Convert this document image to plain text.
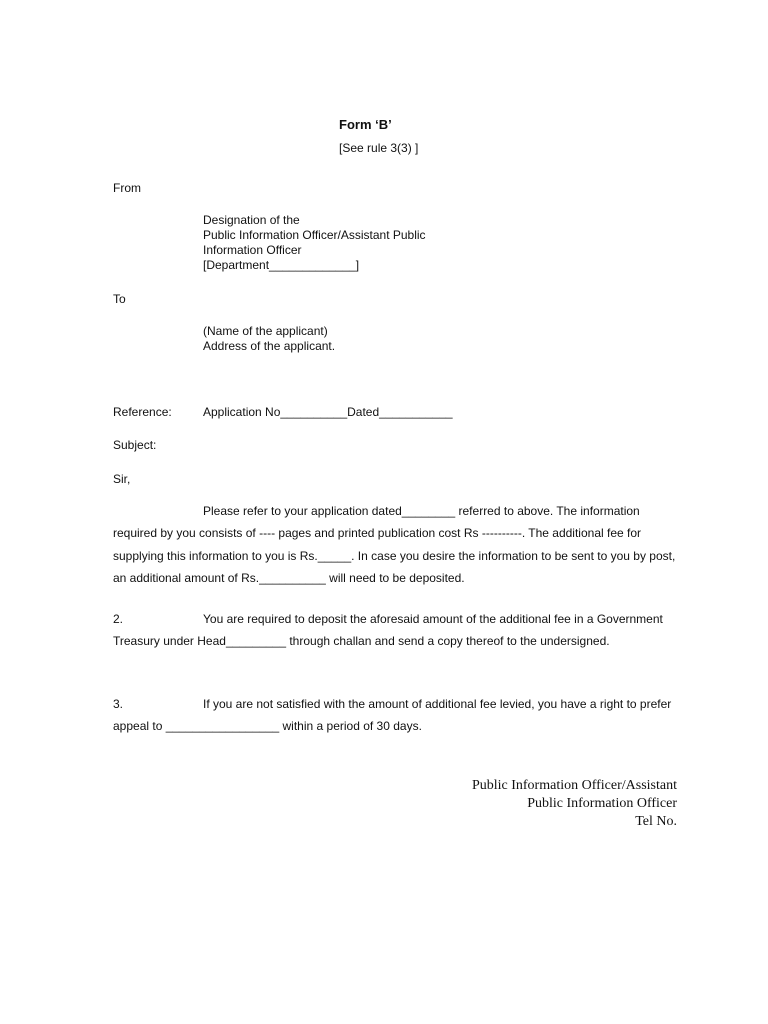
Form ‘B’
[See rule 3(3) ]
From
Designation of the
Public Information Officer/Assistant Public
Information Officer
[Department_____________]
To
(Name of the applicant)
Address of the applicant.
Reference:	Application No__________Dated___________
Subject:
Sir,
Please refer to your application dated________ referred to above. The information required by you consists of ---- pages and printed publication cost Rs ----------. The additional fee for supplying this information to you is Rs._____. In case you desire the information to be sent to you by post, an additional amount of Rs.__________ will need to be deposited.
2.	You are required to deposit the aforesaid amount of the additional fee in a Government Treasury under Head_________ through challan and send a copy thereof to the undersigned.
3.	If you are not satisfied with the amount of additional fee levied, you have a right to prefer appeal to _________________ within a period of 30 days.
Public Information Officer/Assistant
Public Information Officer
Tel No.
